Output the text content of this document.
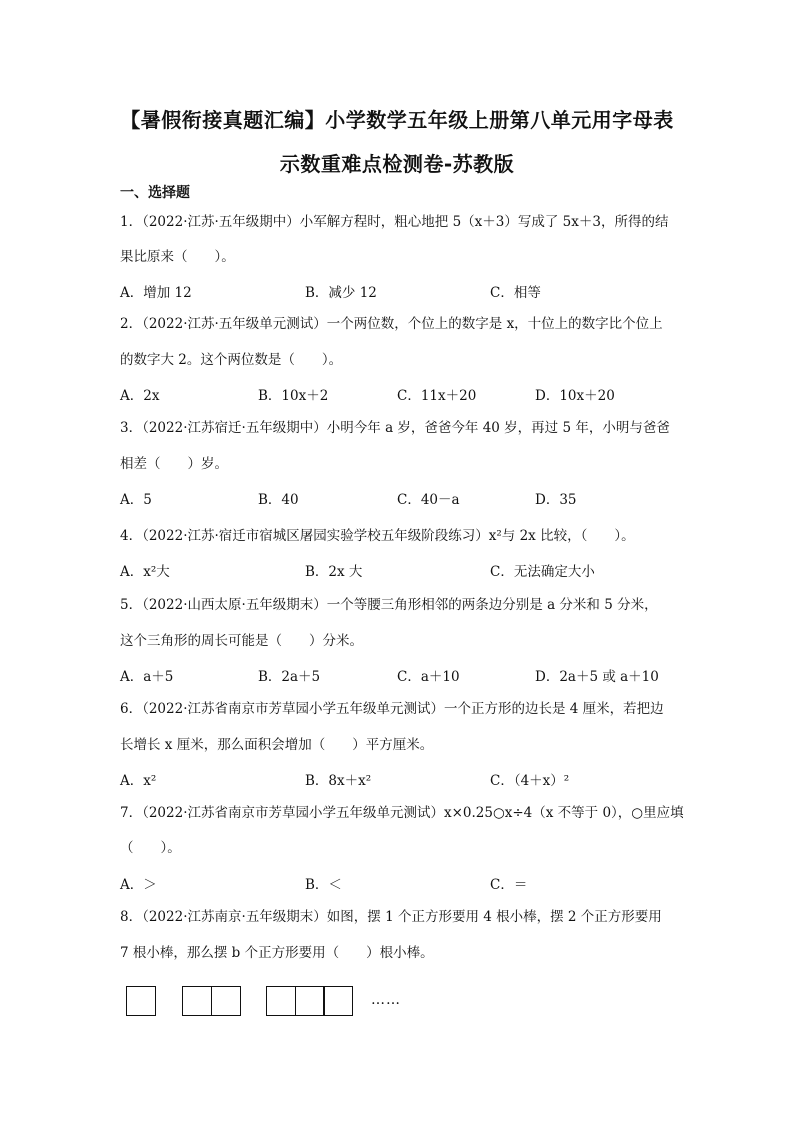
【暑假衔接真题汇编】小学数学五年级上册第八单元用字母表
示数重难点检测卷-苏教版
一、选择题
1．（2022·江苏·五年级期中）小军解方程时，粗心地把 5（x＋3）写成了 5x＋3，所得的结
果比原来（　　）。
A．增加 12	B．减少 12	C．相等
2．（2022·江苏·五年级单元测试）一个两位数，个位上的数字是 x，十位上的数字比个位上
的数字大 2。这个两位数是（　　）。
A．2x	B．10x＋2	C．11x＋20	D．10x＋20
3．（2022·江苏宿迁·五年级期中）小明今年 a 岁，爸爸今年 40 岁，再过 5 年，小明与爸爸
相差（　　）岁。
A．5	B．40	C．40－a	D．35
4．（2022·江苏·宿迁市宿城区屠园实验学校五年级阶段练习）x²与 2x 比较，（　　）。
A．x²大	B．2x 大	C．无法确定大小
5．（2022·山西太原·五年级期末）一个等腰三角形相邻的两条边分别是 a 分米和 5 分米，
这个三角形的周长可能是（　　）分米。
A．a＋5	B．2a＋5	C．a＋10	D．2a＋5 或 a＋10
6．（2022·江苏省南京市芳草园小学五年级单元测试）一个正方形的边长是 4 厘米，若把边
长增长 x 厘米，那么面积会增加（　　）平方厘米。
A．x²	B．8x＋x²	C．（4＋x）²
7．（2022·江苏省南京市芳草园小学五年级单元测试）x×0.25○x÷4（x 不等于 0），○里应填
（　　）。
A．＞	B．＜	C．＝
8．（2022·江苏南京·五年级期末）如图，摆 1 个正方形要用 4 根小棒，摆 2 个正方形要用
7 根小棒，那么摆 b 个正方形要用（　　）根小棒。
……
